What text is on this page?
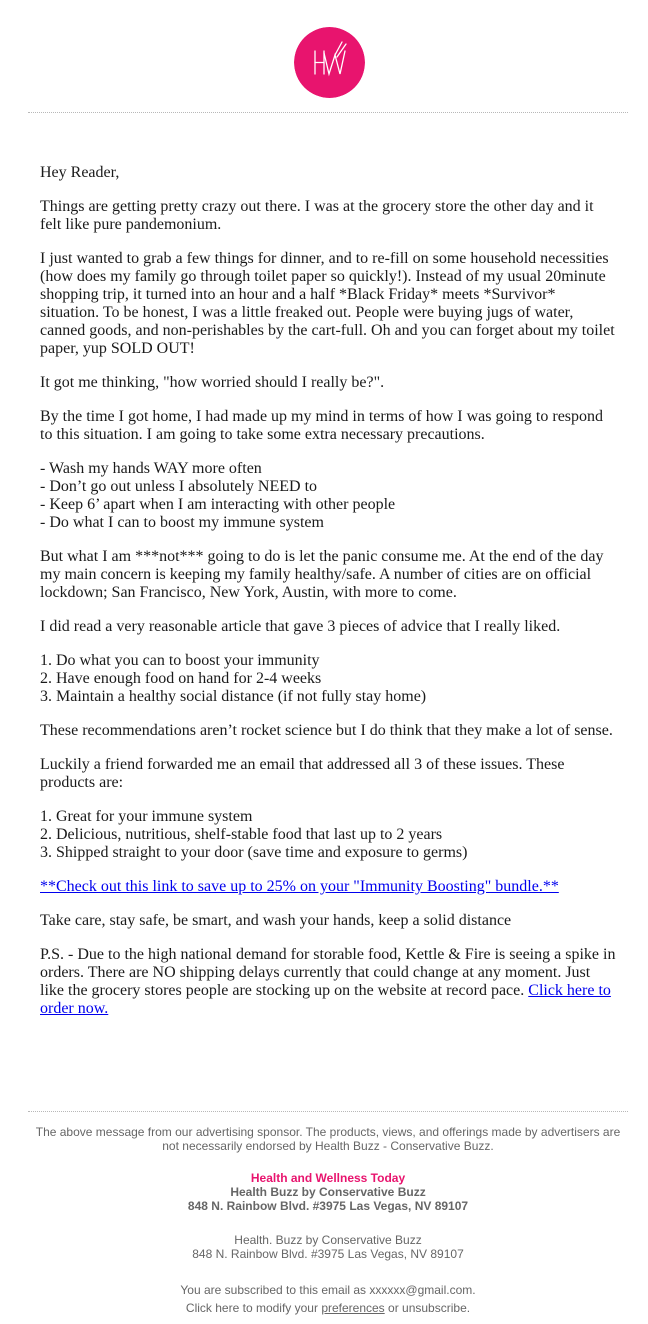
Hey Reader,

Things are getting pretty crazy out there. I was at the grocery store the other day and it felt like pure pandemonium.

I just wanted to grab a few things for dinner, and to re-fill on some household necessities (how does my family go through toilet paper so quickly!). Instead of my usual 20minute shopping trip, it turned into an hour and a half *Black Friday* meets *Survivor* situation. To be honest, I was a little freaked out. People were buying jugs of water, canned goods, and non-perishables by the cart-full. Oh and you can forget about my toilet paper, yup SOLD OUT!

It got me thinking, "how worried should I really be?".

By the time I got home, I had made up my mind in terms of how I was going to respond to this situation. I am going to take some extra necessary precautions.

- Wash my hands WAY more often
- Don’t go out unless I absolutely NEED to
- Keep 6’ apart when I am interacting with other people
- Do what I can to boost my immune system

But what I am ***not*** going to do is let the panic consume me. At the end of the day my main concern is keeping my family healthy/safe. A number of cities are on official lockdown; San Francisco, New York, Austin, with more to come.

I did read a very reasonable article that gave 3 pieces of advice that I really liked.

1. Do what you can to boost your immunity
2. Have enough food on hand for 2-4 weeks
3. Maintain a healthy social distance (if not fully stay home)

These recommendations aren’t rocket science but I do think that they make a lot of sense.

Luckily a friend forwarded me an email that addressed all 3 of these issues. These products are:

1. Great for your immune system
2. Delicious, nutritious, shelf-stable food that last up to 2 years
3. Shipped straight to your door (save time and exposure to germs)

**Check out this link to save up to 25% on your "Immunity Boosting" bundle.**

Take care, stay safe, be smart, and wash your hands, keep a solid distance

P.S. - Due to the high national demand for storable food, Kettle & Fire is seeing a spike in orders. There are NO shipping delays currently that could change at any moment. Just like the grocery stores people are stocking up on the website at record pace. Click here to order now.

The above message from our advertising sponsor. The products, views, and offerings made by advertisers are not necessarily endorsed by Health Buzz - Conservative Buzz.

Health and Wellness Today

Health Buzz by Conservative Buzz

848 N. Rainbow Blvd. #3975 Las Vegas, NV 89107

Health. Buzz by Conservative Buzz

848 N. Rainbow Blvd. #3975 Las Vegas, NV 89107

You are subscribed to this email as xxxxxx@gmail.com.

Click here to modify your preferences or unsubscribe.
